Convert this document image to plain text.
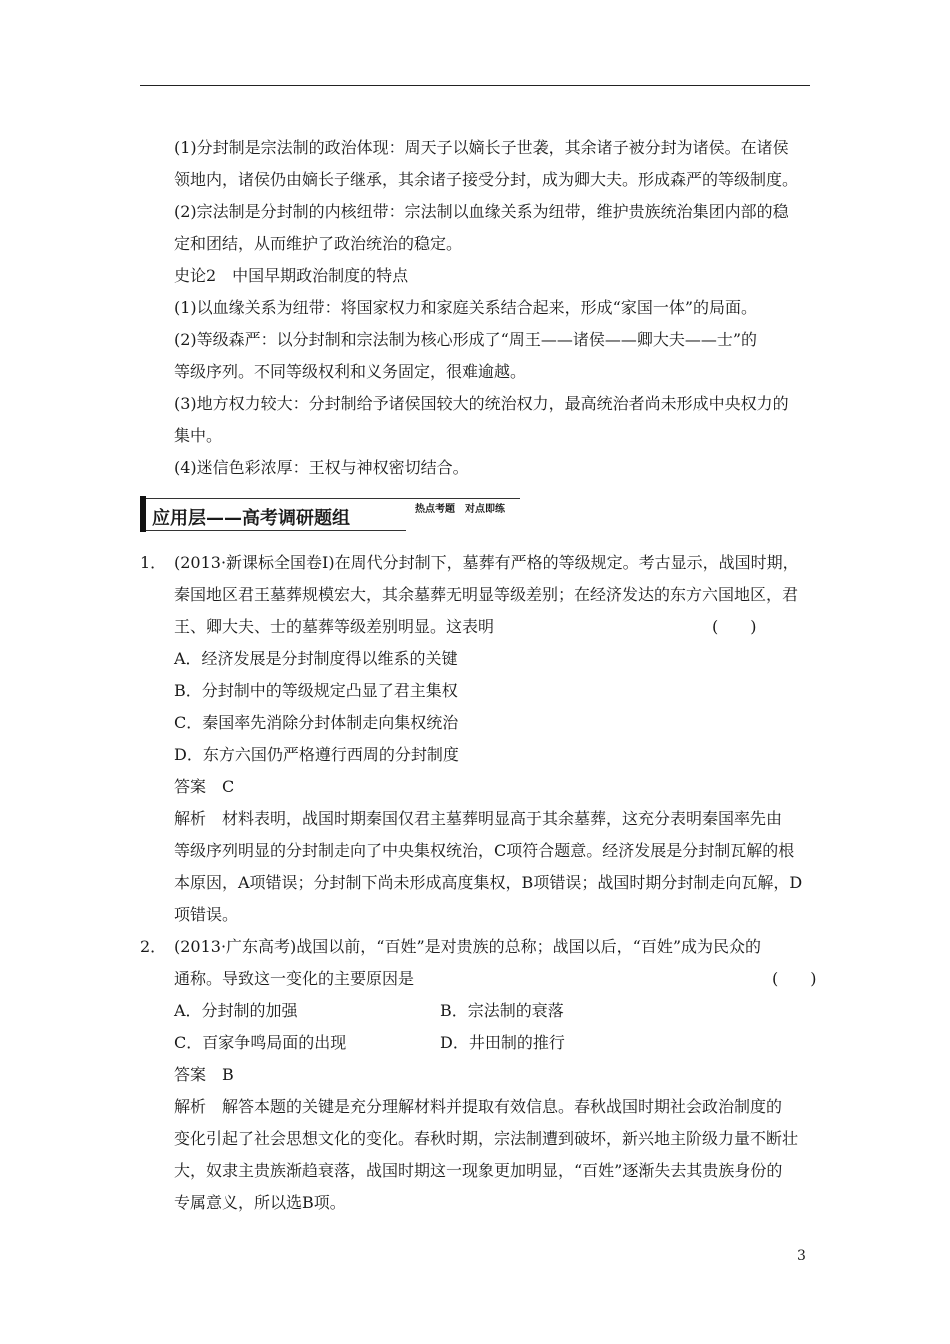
(1)分封制是宗法制的政治体现：周天子以嫡长子世袭，其余诸子被分封为诸侯。在诸侯
领地内，诸侯仍由嫡长子继承，其余诸子接受分封，成为卿大夫。形成森严的等级制度。
(2)宗法制是分封制的内核纽带：宗法制以血缘关系为纽带，维护贵族统治集团内部的稳
定和团结，从而维护了政治统治的稳定。
史论2　中国早期政治制度的特点
(1)以血缘关系为纽带：将国家权力和家庭关系结合起来，形成“家国一体”的局面。
(2)等级森严：以分封制和宗法制为核心形成了“周王——诸侯——卿大夫——士”的
等级序列。不同等级权利和义务固定，很难逾越。
(3)地方权力较大：分封制给予诸侯国较大的统治权力，最高统治者尚未形成中央权力的
集中。
(4)迷信色彩浓厚：王权与神权密切结合。
应用层——高考调研题组	热点考题　对点即练
1． (2013·新课标全国卷Ⅰ)在周代分封制下，墓葬有严格的等级规定。考古显示，战国时期，
秦国地区君王墓葬规模宏大，其余墓葬无明显等级差别；在经济发达的东方六国地区，君
王、卿大夫、士的墓葬等级差别明显。这表明	(　　)
A．经济发展是分封制度得以维系的关键
B．分封制中的等级规定凸显了君主集权
C．秦国率先消除分封体制走向集权统治
D．东方六国仍严格遵行西周的分封制度
答案　C
解析　材料表明，战国时期秦国仅君主墓葬明显高于其余墓葬，这充分表明秦国率先由
等级序列明显的分封制走向了中央集权统治，C项符合题意。经济发展是分封制瓦解的根
本原因，A项错误；分封制下尚未形成高度集权，B项错误；战国时期分封制走向瓦解，D
项错误。
2． (2013·广东高考)战国以前，“百姓”是对贵族的总称；战国以后，“百姓”成为民众的
通称。导致这一变化的主要原因是	(　　)
A．分封制的加强	B．宗法制的衰落
C．百家争鸣局面的出现	D．井田制的推行
答案　B
解析　解答本题的关键是充分理解材料并提取有效信息。春秋战国时期社会政治制度的
变化引起了社会思想文化的变化。春秋时期，宗法制遭到破坏，新兴地主阶级力量不断壮
大，奴隶主贵族渐趋衰落，战国时期这一现象更加明显，“百姓”逐渐失去其贵族身份的
专属意义，所以选B项。
3
